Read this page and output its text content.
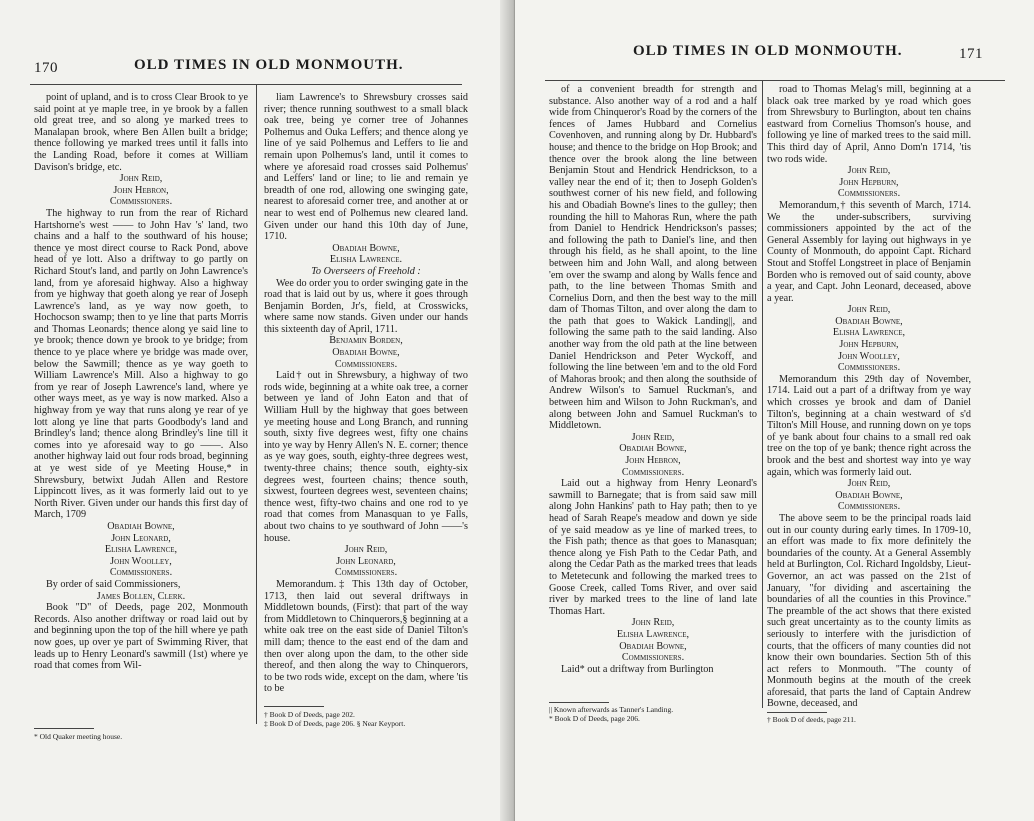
170	OLD TIMES IN OLD MONMOUTH.

point of upland, and is to cross Clear Brook to ye said point at ye maple tree, in ye brook by a fallen old great tree, and so along ye marked trees to Manalapan brook, where Ben Allen built a bridge; thence following ye marked trees until it falls into the Landing Road, before it comes at William Davison's bridge, etc.

John Reid,

John Hebron,

Commissioners.

The highway to run from the rear of Richard Hartshorne's west —— to John Hav 's' land, two chains and a half to the southward of his house; thence ye most direct course to Rack Pond, above head of ye lott. Also a driftway to go partly on Richard Stout's land, and partly on John Lawrence's land, from ye aforesaid highway. Also a highway from ye highway that goeth along ye rear of Joseph Lawrence's land, as ye way now goeth, to Hochocson swamp; then to ye line that parts Morris and Thomas Leonards; thence along ye said line to ye brook; thence down ye brook to ye bridge; from thence to ye place where ye bridge was made over, below the Sawmill; thence as ye way goeth to William Lawrence's Mill. Also a highway to go from ye rear of Joseph Lawrence's land, where ye other ways meet, as ye way is now marked. Also a highway from ye way that runs along ye rear of ye lott along ye line that parts Goodbody's land and Brindley's land; thence along Brindley's line till it comes into ye aforesaid way to go ——. Also another highway laid out four rods broad, beginning at ye west side of ye Meeting House,* in Shrewsbury, betwixt Judah Allen and Restore Lippincott lives, as it was formerly laid out to ye North River. Given under our hands this first day of March, 1709

Obadiah Bowne,

John Leonard,

Elisha Lawrence,

John Woolley,

Commissioners.

By order of said Commissioners,

James Bollen, Clerk.

Book "D" of Deeds, page 202, Monmouth Records. Also another driftway or road laid out by and beginning upon the top of the hill where ye path now goes, up over ye part of Swimming River, that leads up to Henry Leonard's sawmill (1st) where ye road that comes from Wil-

liam Lawrence's to Shrewsbury crosses said river; thence running southwest to a small black oak tree, being ye corner tree of Johannes Polhemus and Ouka Leffers; and thence along ye line of ye said Polhemus and Leffers to lie and remain upon Polhemus's land, until it comes to where ye aforesaid road crosses said Polhemus' and Leffers' land or line; to lie and remain ye breadth of one rod, allowing one swinging gate, nearest to aforesaid corner tree, and another at or near to west end of Polhemus new cleared land. Given under our hand this 10th day of June, 1710.

Obadiah Bowne,

Elisha Lawrence.

To Overseers of Freehold :

Wee do order you to order swinging gate in the road that is laid out by us, where it goes through Benjamin Borden, Jr's, field, at Crosswicks, where same now stands. Given under our hands this sixteenth day of April, 1711.

Benjamin Borden,

Obadiah Bowne,

Commissioners.

Laid† out in Shrewsbury, a highway of two rods wide, beginning at a white oak tree, a corner between ye land of John Eaton and that of William Hull by the highway that goes between ye meeting house and Long Branch, and running south, sixty five degrees west, fifty one chains into ye way by Henry Allen's N. E. corner; thence as ye way goes, south, eighty-three degrees west, twenty-three chains; thence south, eighty-six degrees west, fourteen chains; thence south, sixwest, fourteen degrees west, seventeen chains; thence west, fifty-two chains and one rod to ye road that comes from Manasquan to ye Falls, about two chains to ye southward of John ——'s house.

John Reid,

John Leonard,

Commissioners.

Memorandum.‡ This 13th day of October, 1713, then laid out several driftways in Middletown bounds, (First): that part of the way from Middletown to Chinquerors,§ beginning at a white oak tree on the east side of Daniel Tilton's mill dam; thence to the east end of the dam and then over along upon the dam, to the other side thereof, and then along the way to Chinquerors, to be two rods wide, except on the dam, where 'tis to be

* Old Quaker meeting house.
† Book D of Deeds, page 202.
‡ Book D of Deeds, page 206. § Near Keyport.
OLD TIMES IN OLD MONMOUTH.	171

of a convenient breadth for strength and substance. Also another way of a rod and a half wide from Chinqueror's Road by the corners of the fences of James Hubbard and Cornelius Covenhoven, and running along by Dr. Hubbard's house; and thence to the bridge on Hop Brook; and thence over the brook along the line between Benjamin Stout and Hendrick Hendrickson, to a valley near the end of it; then to Joseph Golden's southwest corner of his new field, and following his and Obadiah Bowne's lines to the gulley; then rounding the hill to Mahoras Run, where the path from Daniel to Hendrick Hendrickson's passes; and following the path to Daniel's line, and then through his field, as he shall apoint, to the line between him and John Wall, and along between 'em over the swamp and along by Walls fence and path, to the line between Thomas Smith and Cornelius Dorn, and then the best way to the mill dam of Thomas Tilton, and over along the dam to the path that goes to Wakick Landing||, and following the same path to the said landing. Also another way from the old path at the line between Daniel Hendrickson and Peter Wyckoff, and following the line between 'em and to the old Ford of Mahoras brook; and then along the southside of Andrew Wilson's to Samuel Ruckman's, and between him and Wilson to John Ruckman's, and along between John and Samuel Ruckman's to Middletown.

John Reid,

Obadiah Bowne,

John Hebron,

Commissioners.

Laid out a highway from Henry Leonard's sawmill to Barnegate; that is from said saw mill along John Hankins' path to Hay path; then to ye head of Sarah Reape's meadow and down ye side of ye said meadow as ye line of marked trees, to the Fish path; thence as that goes to Manasquan; thence along ye Fish Path to the Cedar Path, and along the Cedar Path as the marked trees that leads to Metetecunk and following the marked trees to Goose Creek, called Toms River, and over said river by marked trees to the line of land late Thomas Hart.

John Reid,

Elisha Lawrence,

Obadiah Bowne,

Commissioners.

Laid* out a driftway from Burlington

road to Thomas Melag's mill, beginning at a black oak tree marked by ye road which goes from Shrewsbury to Burlington, about ten chains eastward from Cornelius Thomson's house, and following ye line of marked trees to the said mill. This third day of April, Anno Dom'n 1714, 'tis two rods wide.

John Reid,

John Hepburn,

Commissioners.

Memorandum,† this seventh of March, 1714. We the under-subscribers, surviving commissioners appointed by the act of the General Assembly for laying out highways in ye County of Monmouth, do appoint Capt. Richard Stout and Stoffel Longstreet in place of Benjamin Borden who is removed out of said county, above a year, and Capt. John Leonard, deceased, above a year.

John Reid,

Obadiah Bowne,

Elisha Lawrence,

John Hepburn,

John Woolley,

Commissioners.

Memorandum this 29th day of November, 1714. Laid out a part of a driftway from ye way which crosses ye brook and dam of Daniel Tilton's, beginning at a chain westward of s'd Tilton's Mill House, and running down on ye tops of ye bank about four chains to a small red oak tree on the top of ye bank; thence right across the brook and the best and shortest way into ye way again, which was formerly laid out.

John Reid,

Obadiah Bowne,

Commissioners.

The above seem to be the principal roads laid out in our county during early times. In 1709-10, an effort was made to fix more definitely the boundaries of the county. At a General Assembly held at Burlington, Col. Richard Ingoldsby, Lieut-Governor, an act was passed on the 21st of January, "for dividing and ascertaining the boundaries of all the counties in this Province." The preamble of the act shows that there existed such great uncertainty as to the county limits as seriously to interfere with the jurisdiction of courts, that the officers of many counties did not know their own boundaries. Section 5th of this act refers to Monmouth. "The county of Monmouth begins at the mouth of the creek aforesaid, that parts the land of Captain Andrew Bowne, deceased, and

|| Known afterwards as Tanner's Landing.
* Book D of Deeds, page 206.	† Book D of deeds, page 211.
